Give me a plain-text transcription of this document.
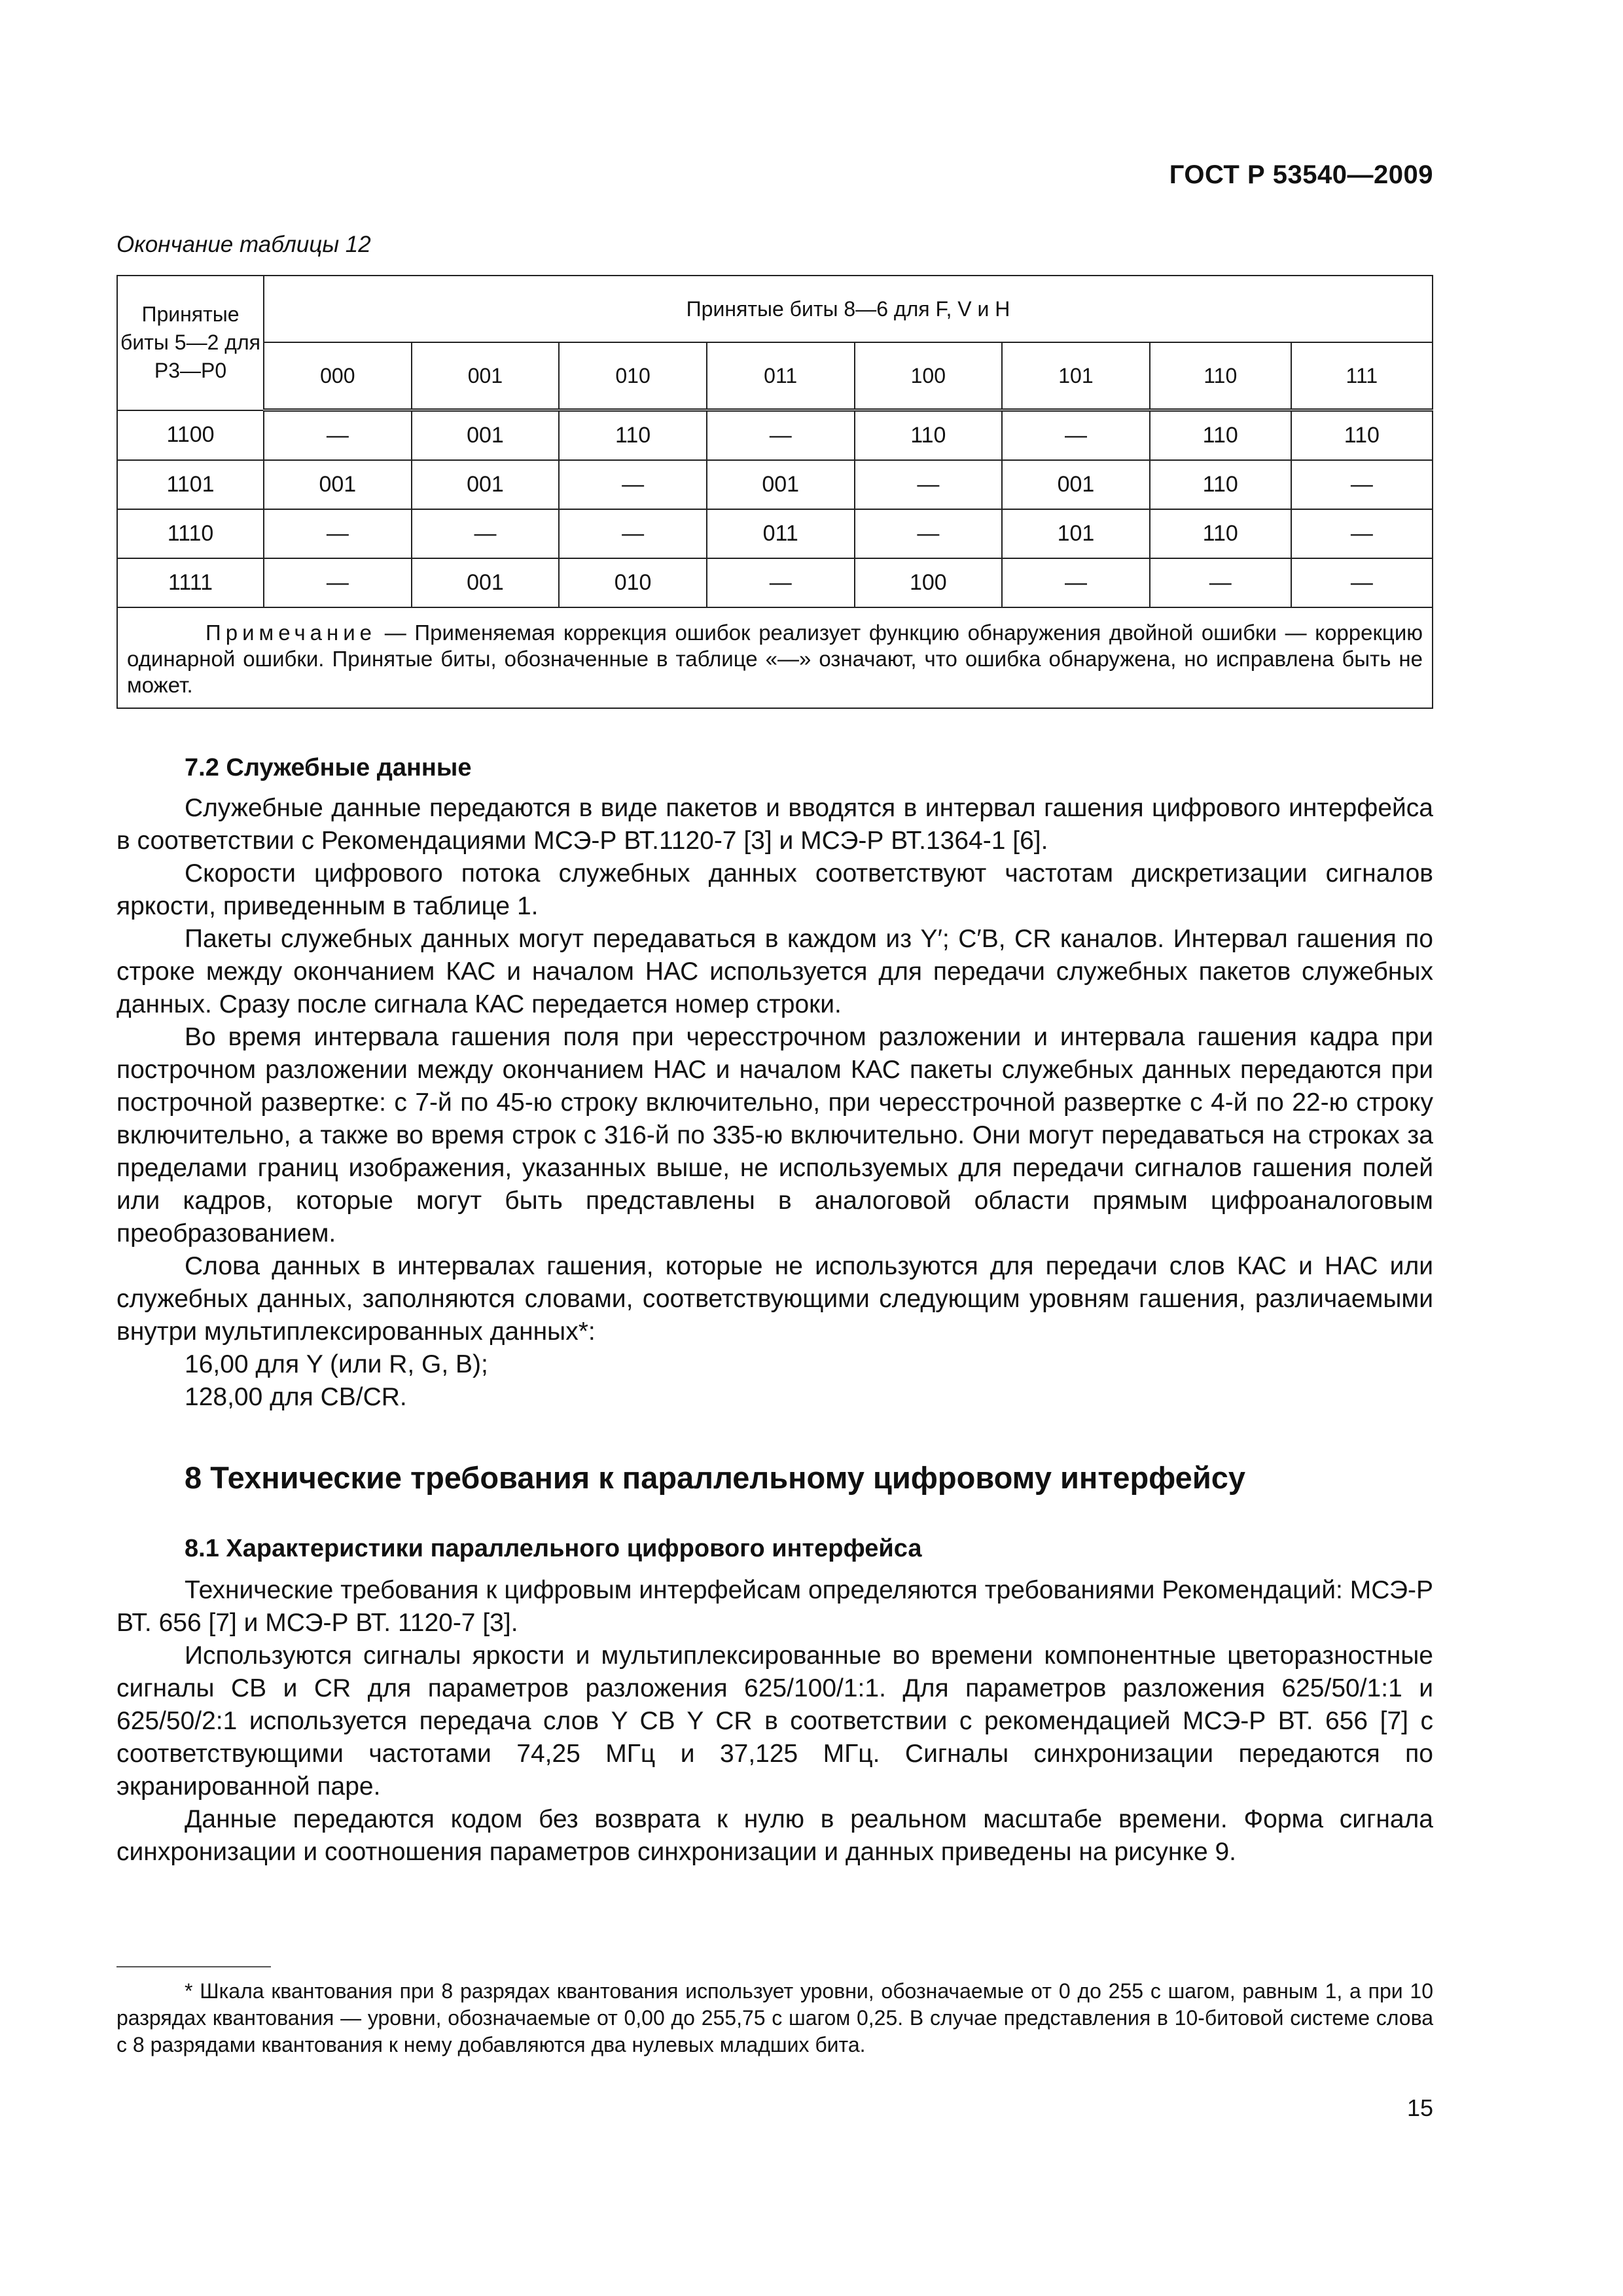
ГОСТ Р 53540—2009
Окончание таблицы 12
Принятые биты 5—2 для P3—P0	Принятые биты 8—6 для F, V и H							
	000	001	010	011	100	101	110	111
1100	—	001	110	—	110	—	110	110
1101	001	001	—	001	—	001	110	—
1110	—	—	—	011	—	101	110	—
1111	—	001	010	—	100	—	—	—
Примечание — Применяемая коррекция ошибок реализует функцию обнаружения двойной ошибки — коррекцию одинарной ошибки. Принятые биты, обозначенные в таблице «—» означают, что ошибка обнаружена, но исправлена быть не может.								
7.2 Служебные данные

Служебные данные передаются в виде пакетов и вводятся в интервал гашения цифрового интерфейса в соответствии с Рекомендациями МСЭ-Р ВТ.1120-7 [3] и МСЭ-Р ВТ.1364-1 [6].

Скорости цифрового потока служебных данных соответствуют частотам дискретизации сигналов яркости, приведенным в таблице 1.

Пакеты служебных данных могут передаваться в каждом из Y′; C′B, CR каналов. Интервал гашения по строке между окончанием КАС и началом НАС используется для передачи служебных пакетов служебных данных. Сразу после сигнала КАС передается номер строки.

Во время интервала гашения поля при чересстрочном разложении и интервала гашения кадра при построчном разложении между окончанием НАС и началом КАС пакеты служебных данных передаются при построчной развертке: с 7-й по 45-ю строку включительно, при чересстрочной развертке с 4-й по 22-ю строку включительно, а также во время строк с 316-й по 335-ю включительно. Они могут передаваться на строках за пределами границ изображения, указанных выше, не используемых для передачи сигналов гашения полей или кадров, которые могут быть представлены в аналоговой области прямым цифроаналоговым преобразованием.

Слова данных в интервалах гашения, которые не используются для передачи слов КАС и НАС или служебных данных, заполняются словами, соответствующими следующим уровням гашения, различаемыми внутри мультиплексированных данных*:

16,00 для Y (или R, G, B);

128,00 для CB/CR.

8 Технические требования к параллельному цифровому интерфейсу
8.1 Характеристики параллельного цифрового интерфейса

Технические требования к цифровым интерфейсам определяются требованиями Рекомендаций: МСЭ-Р ВТ. 656 [7] и МСЭ-Р ВТ. 1120-7 [3].

Используются сигналы яркости и мультиплексированные во времени компонентные цветоразностные сигналы CB и CR для параметров разложения 625/100/1:1. Для параметров разложения 625/50/1:1 и 625/50/2:1 используется передача слов Y CB Y CR в соответствии с рекомендацией МСЭ-Р ВТ. 656 [7] с соответствующими частотами 74,25 МГц и 37,125 МГц. Сигналы синхронизации передаются по экранированной паре.

Данные передаются кодом без возврата к нулю в реальном масштабе времени. Форма сигнала синхронизации и соотношения параметров синхронизации и данных приведены на рисунке 9.

* Шкала квантования при 8 разрядах квантования использует уровни, обозначаемые от 0 до 255 с шагом, равным 1, а при 10 разрядах квантования — уровни, обозначаемые от 0,00 до 255,75 с шагом 0,25. В случае представления в 10-битовой системе слова с 8 разрядами квантования к нему добавляются два нулевых младших бита.
15
